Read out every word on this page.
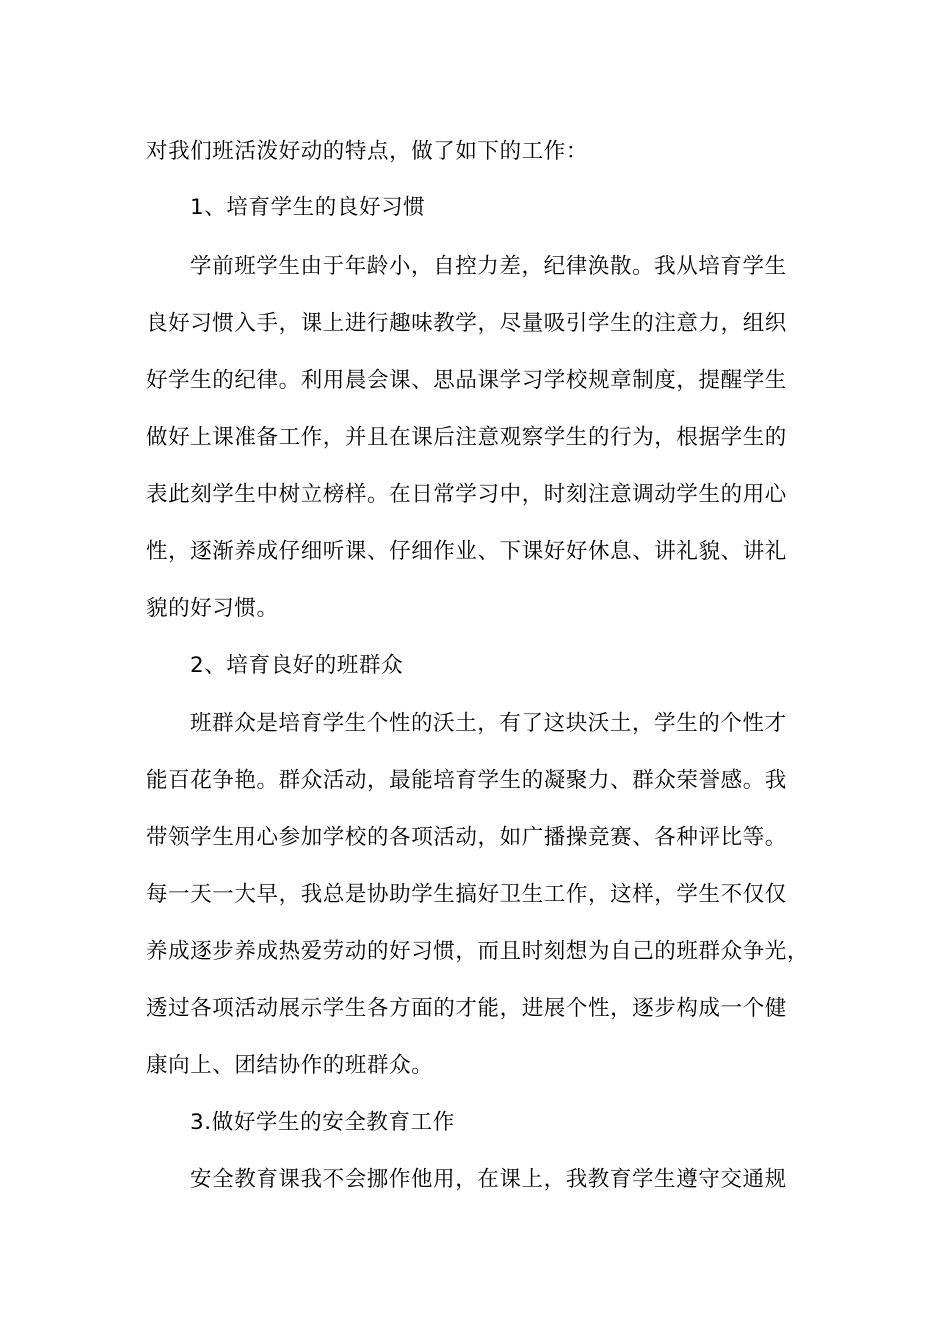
对我们班活泼好动的特点，做了如下的工作：
1、培育学生的良好习惯
学前班学生由于年龄小，自控力差，纪律涣散。我从培育学生
良好习惯入手，课上进行趣味教学，尽量吸引学生的注意力，组织
好学生的纪律。利用晨会课、思品课学习学校规章制度，提醒学生
做好上课准备工作，并且在课后注意观察学生的行为，根据学生的
表此刻学生中树立榜样。在日常学习中，时刻注意调动学生的用心
性，逐渐养成仔细听课、仔细作业、下课好好休息、讲礼貌、讲礼
貌的好习惯。
2、培育良好的班群众
班群众是培育学生个性的沃土，有了这块沃土，学生的个性才
能百花争艳。群众活动，最能培育学生的凝聚力、群众荣誉感。我
带领学生用心参加学校的各项活动，如广播操竞赛、各种评比等。
每一天一大早，我总是协助学生搞好卫生工作，这样，学生不仅仅
养成逐步养成热爱劳动的好习惯，而且时刻想为自己的班群众争光，
透过各项活动展示学生各方面的才能，进展个性，逐步构成一个健
康向上、团结协作的班群众。
3.做好学生的安全教育工作
安全教育课我不会挪作他用，在课上，我教育学生遵守交通规
